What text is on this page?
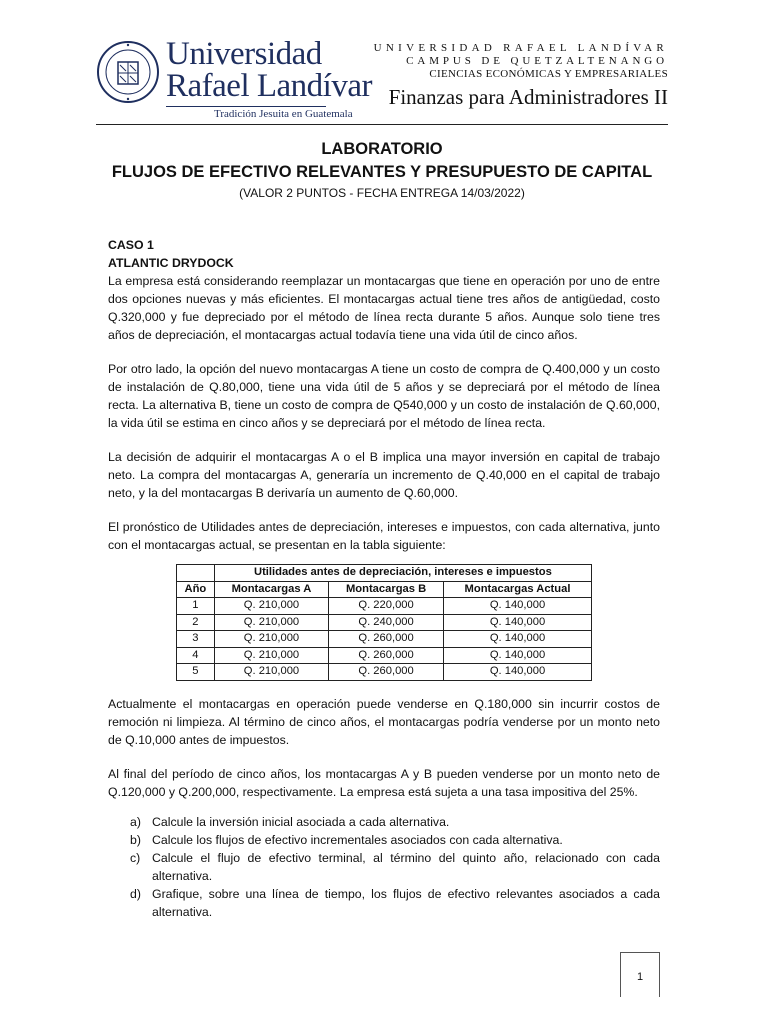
Universidad
Rafael Landívar
Tradición Jesuita en Guatemala
UNIVERSIDAD RAFAEL LANDÍVAR
CAMPUS DE QUETZALTENANGO
CIENCIAS ECONÓMICAS Y EMPRESARIALES
Finanzas para Administradores II
LABORATORIO
FLUJOS DE EFECTIVO RELEVANTES Y PRESUPUESTO DE CAPITAL
(VALOR 2 PUNTOS - FECHA ENTREGA 14/03/2022)
CASO 1
ATLANTIC DRYDOCK

La empresa está considerando reemplazar un montacargas que tiene en operación por uno de entre dos opciones nuevas y más eficientes. El montacargas actual tiene tres años de antigüedad, costo Q.320,000 y fue depreciado por el método de línea recta durante 5 años. Aunque solo tiene tres años de depreciación, el montacargas actual todavía tiene una vida útil de cinco años.

Por otro lado, la opción del nuevo montacargas A tiene un costo de compra de Q.400,000 y un costo de instalación de Q.80,000, tiene una vida útil de 5 años y se depreciará por el método de línea recta. La alternativa B, tiene un costo de compra de Q540,000 y un costo de instalación de Q.60,000, la vida útil se estima en cinco años y se depreciará por el método de línea recta.

La decisión de adquirir el montacargas A o el B implica una mayor inversión en capital de trabajo neto. La compra del montacargas A, generaría un incremento de Q.40,000 en el capital de trabajo neto, y la del montacargas B derivaría un aumento de Q.60,000.

El pronóstico de Utilidades antes de depreciación, intereses e impuestos, con cada alternativa, junto con el montacargas actual, se presentan en la tabla siguiente:

	Utilidades antes de depreciación, intereses e impuestos		
Año	Montacargas A	Montacargas B	Montacargas Actual
1	Q. 210,000	Q. 220,000	Q. 140,000
2	Q. 210,000	Q. 240,000	Q. 140,000
3	Q. 210,000	Q. 260,000	Q. 140,000
4	Q. 210,000	Q. 260,000	Q. 140,000
5	Q. 210,000	Q. 260,000	Q. 140,000

Actualmente el montacargas en operación puede venderse en Q.180,000 sin incurrir costos de remoción ni limpieza. Al término de cinco años, el montacargas podría venderse por un monto neto de Q.10,000 antes de impuestos.

Al final del período de cinco años, los montacargas A y B pueden venderse por un monto neto de Q.120,000 y Q.200,000, respectivamente. La empresa está sujeta a una tasa impositiva del 25%.

a) Calcule la inversión inicial asociada a cada alternativa.
b) Calcule los flujos de efectivo incrementales asociados con cada alternativa.
c) Calcule el flujo de efectivo terminal, al término del quinto año, relacionado con cada alternativa.
d) Grafique, sobre una línea de tiempo, los flujos de efectivo relevantes asociados a cada alternativa.
1
